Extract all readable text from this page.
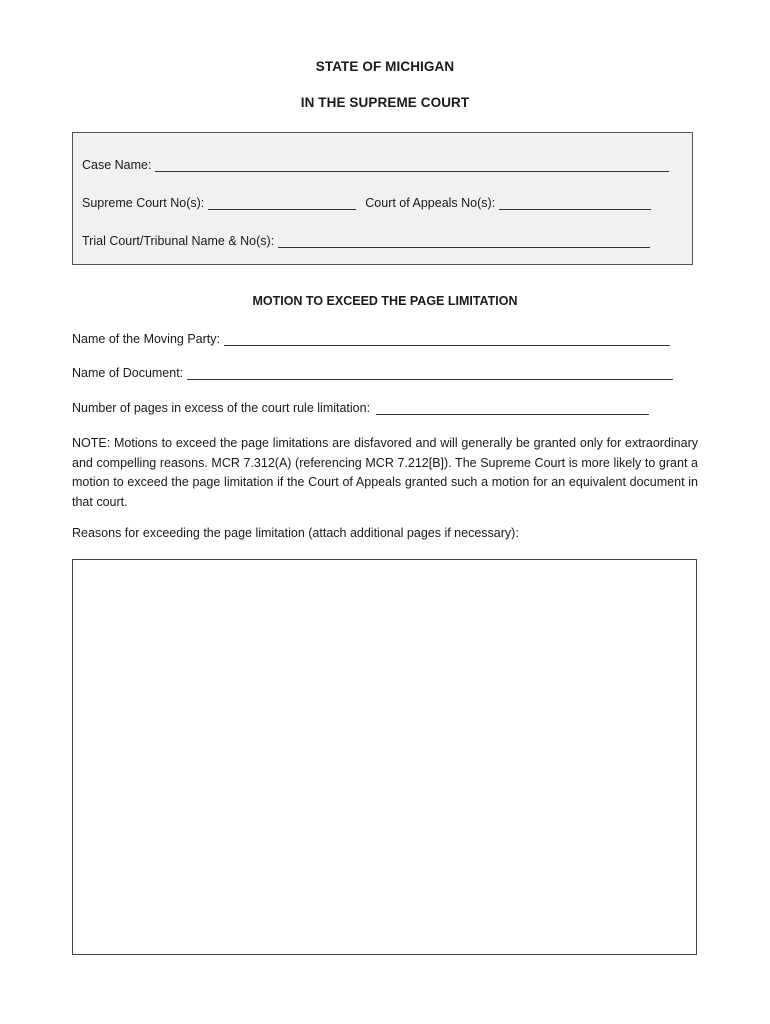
STATE OF MICHIGAN
IN THE SUPREME COURT
Case Name:
Supreme Court No(s):	Court of Appeals No(s):
Trial Court/Tribunal Name & No(s):
MOTION TO EXCEED THE PAGE LIMITATION
Name of the Moving Party:
Name of Document:
Number of pages in excess of the court rule limitation:
NOTE: Motions to exceed the page limitations are disfavored and will generally be granted only for extraordinary and compelling reasons. MCR 7.312(A) (referencing MCR 7.212[B]). The Supreme Court is more likely to grant a motion to exceed the page limitation if the Court of Appeals granted such a motion for an equivalent document in that court.
Reasons for exceeding the page limitation (attach additional pages if necessary):
